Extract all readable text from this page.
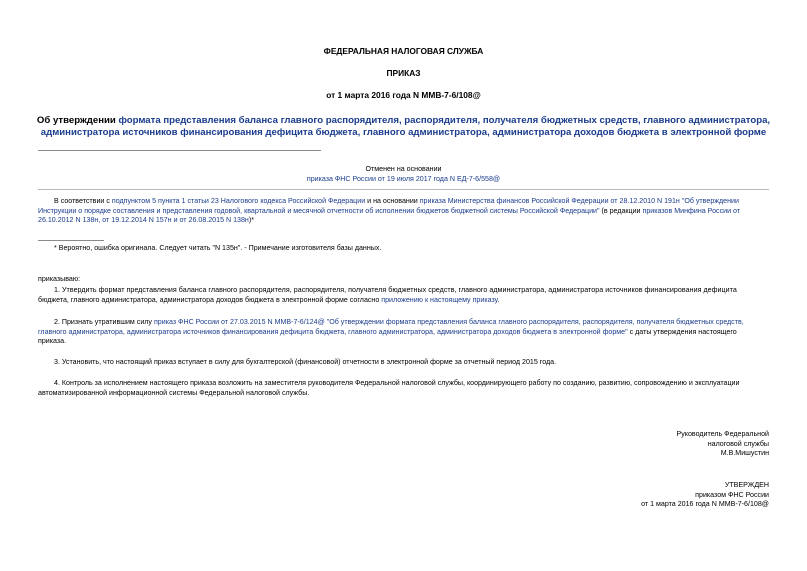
ФЕДЕРАЛЬНАЯ НАЛОГОВАЯ СЛУЖБА
ПРИКАЗ
от 1 марта 2016 года N ММВ-7-6/108@
Об утверждении формата представления баланса главного распорядителя, распорядителя, получателя бюджетных средств, главного администратора,
администратора источников финансирования дефицита бюджета, главного администратора, администратора доходов бюджета в электронной форме
Отменен на основании
приказа ФНС России от 19 июля 2017 года N ЕД-7-6/558@

В соответствии с подпунктом 5 пункта 1 статьи 23 Налогового кодекса Российской Федерации и на основании приказа Министерства финансов Российской Федерации от 28.12.2010 N 191н "Об утверждении

Инструкции о порядке составления и представления годовой, квартальной и месячной отчетности об исполнении бюджетов бюджетной системы Российской Федерации" (в редакции приказов Минфина России от

26.10.2012 N 138н, от 19.12.2014 N 157н и от 26.08.2015 N 138н)*

* Вероятно, ошибка оригинала. Следует читать "N 135н". - Примечание изготовителя базы данных.
приказываю:

1. Утвердить формат представления баланса главного распорядителя, распорядителя, получателя бюджетных средств, главного администратора, администратора источников финансирования дефицита

бюджета, главного администратора, администратора доходов бюджета в электронной форме согласно приложению к настоящему приказу.

2. Признать утратившим силу приказ ФНС России от 27.03.2015 N ММВ-7-6/124@ "Об утверждении формата представления баланса главного распорядителя, распорядителя, получателя бюджетных средств,

главного администратора, администратора источников финансирования дефицита бюджета, главного администратора, администратора доходов бюджета в электронной форме" с даты утверждения настоящего

приказа.

3. Установить, что настоящий приказ вступает в силу для бухгалтерской (финансовой) отчетности в электронной форме за отчетный период 2015 года.

4. Контроль за исполнением настоящего приказа возложить на заместителя руководителя Федеральной налоговой службы, координирующего работу по созданию, развитию, сопровождению и эксплуатации

автоматизированной информационной системы Федеральной налоговой службы.

Руководитель Федеральной
налоговой службы
М.В.Мишустин
УТВЕРЖДЕН
приказом ФНС России
от 1 марта 2016 года N ММВ-7-6/108@
